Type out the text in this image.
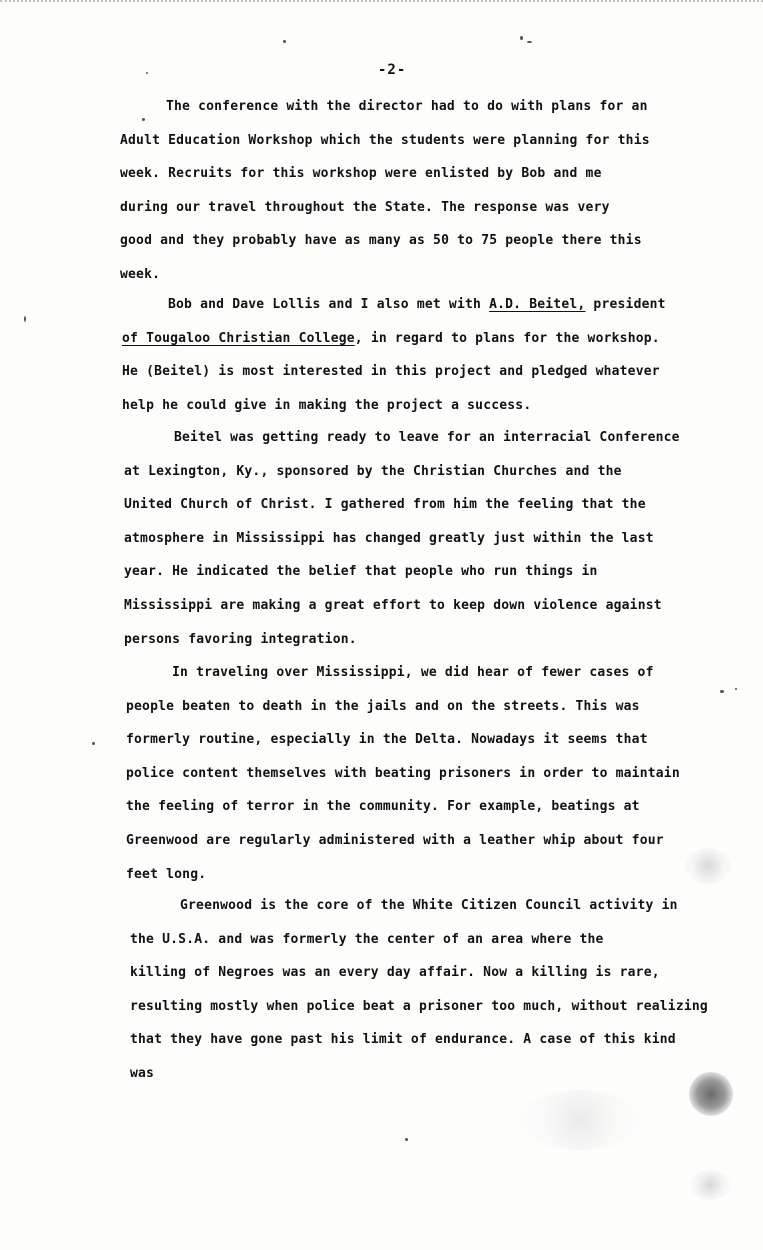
-2-
The conference with the director had to do with plans for an
Adult Education Workshop which the students were planning for this
week. Recruits for this workshop were enlisted by Bob and me
during our travel throughout the State. The response was very
good and they probably have as many as 50 to 75 people there this
week.
Bob and Dave Lollis and I also met with A.D. Beitel, president
of Tougaloo Christian College, in regard to plans for the workshop.
He (Beitel) is most interested in this project and pledged whatever
help he could give in making the project a success.
Beitel was getting ready to leave for an interracial Conference
at Lexington, Ky., sponsored by the Christian Churches and the
United Church of Christ. I gathered from him the feeling that the
atmosphere in Mississippi has changed greatly just within the last
year. He indicated the belief that people who run things in
Mississippi are making a great effort to keep down violence against
persons favoring integration.
In traveling over Mississippi, we did hear of fewer cases of
people beaten to death in the jails and on the streets. This was
formerly routine, especially in the Delta. Nowadays it seems that
police content themselves with beating prisoners in order to maintain
the feeling of terror in the community. For example, beatings at
Greenwood are regularly administered with a leather whip about four
feet long.
Greenwood is the core of the White Citizen Council activity in
the U.S.A. and was formerly the center of an area where the
killing of Negroes was an every day affair. Now a killing is rare,
resulting mostly when police beat a prisoner too much, without realizing
that they have gone past his limit of endurance. A case of this kind
was
